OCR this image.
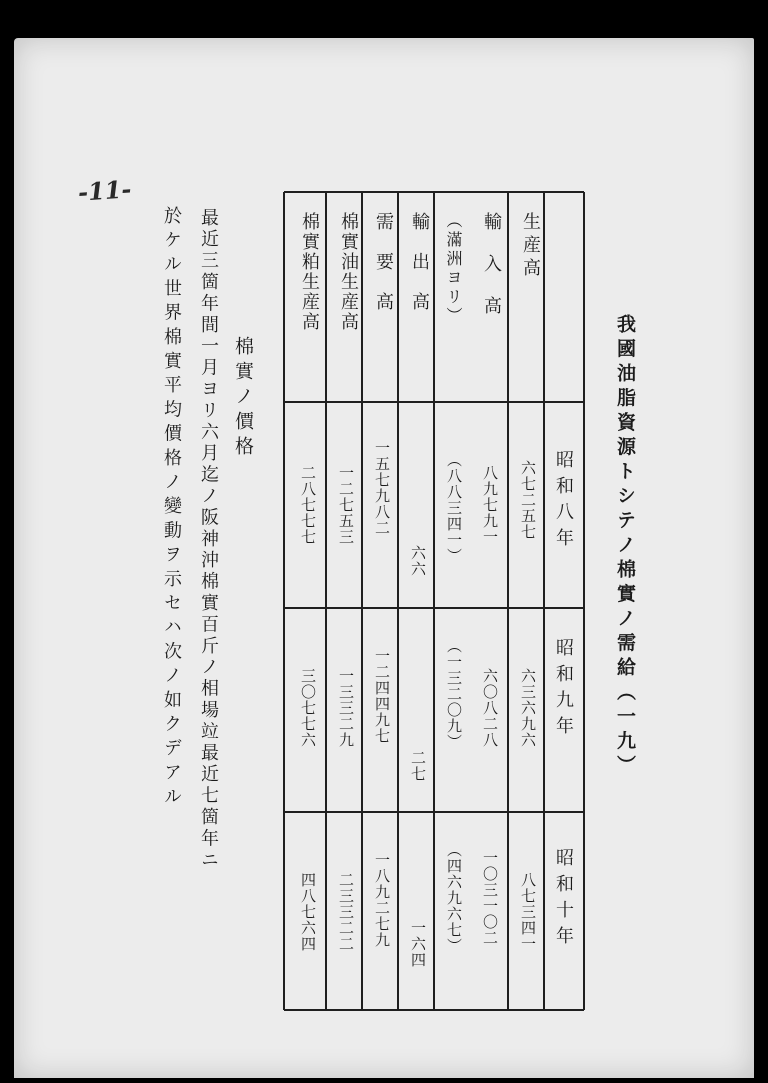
-11-
我國油脂資源トシテノ棉實ノ需給（一九）
生産高
輸入高
（滿洲ヨリ）
輸出高
需要高
棉實油生産高
棉實粕生産高
昭和八年
昭和九年
昭和十年
六七二五七
八九七九一
（八八三四一）
六六
一五七九八二
一二七五三
二八七七七
六三六九六
六〇八二八
（一三二〇九）
二七
一二四四九七
一三三二九
三〇七七六
八七三四一
一〇三一〇二
（四六九六七）
一六四
一八九二七九
二三三二二
四八七六四
棉實ノ價格
最近三箇年間一月ヨリ六月迄ノ阪神沖棉實百斤ノ相場竝最近七箇年ニ
於ケル世界棉實平均價格ノ變動ヲ示セハ次ノ如クデアル
